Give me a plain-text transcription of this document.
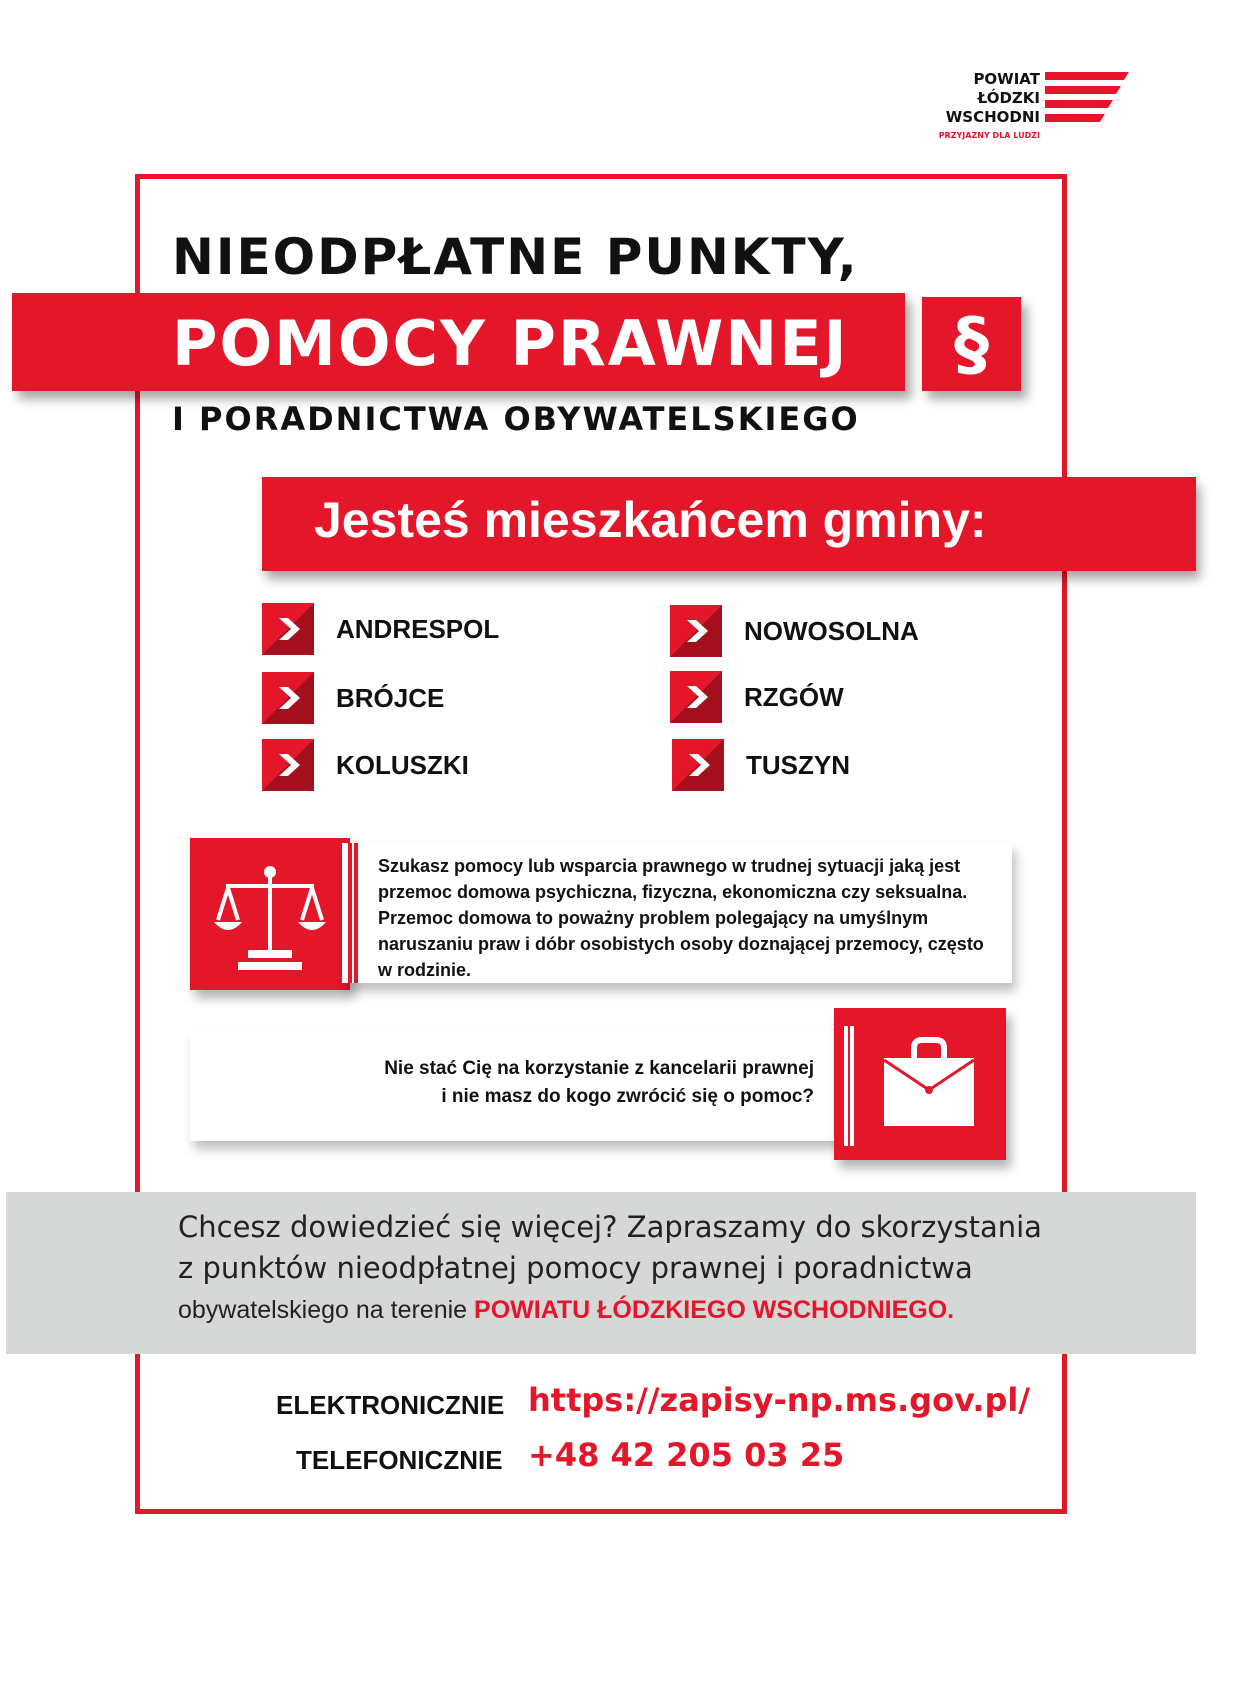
POWIAT
ŁÓDZKI
WSCHODNI
PRZYJAZNY DLA LUDZI
NIEODPŁATNE PUNKTY,
POMOCY PRAWNEJ	§
I PORADNICTWA OBYWATELSKIEGO
Jesteś mieszkańcem gminy:
ANDRESPOL
BRÓJCE
KOLUSZKI
NOWOSOLNA
RZGÓW
TUSZYN
Szukasz pomocy lub wsparcia prawnego w trudnej sytuacji jaką jest przemoc domowa psychiczna, fizyczna, ekonomiczna czy seksualna. Przemoc domowa to poważny problem polegający na umyślnym naruszaniu praw i dóbr osobistych osoby doznającej przemocy, często w rodzinie.
Nie stać Cię na korzystanie z kancelarii prawnej
i nie masz do kogo zwrócić się o pomoc?
Chcesz dowiedzieć się więcej? Zapraszamy do skorzystania
z punktów nieodpłatnej pomocy prawnej i poradnictwa
obywatelskiego na terenie POWIATU ŁÓDZKIEGO WSCHODNIEGO.
ELEKTRONICZNIE https://zapisy-np.ms.gov.pl/
TELEFONICZNIE +48 42 205 03 25
